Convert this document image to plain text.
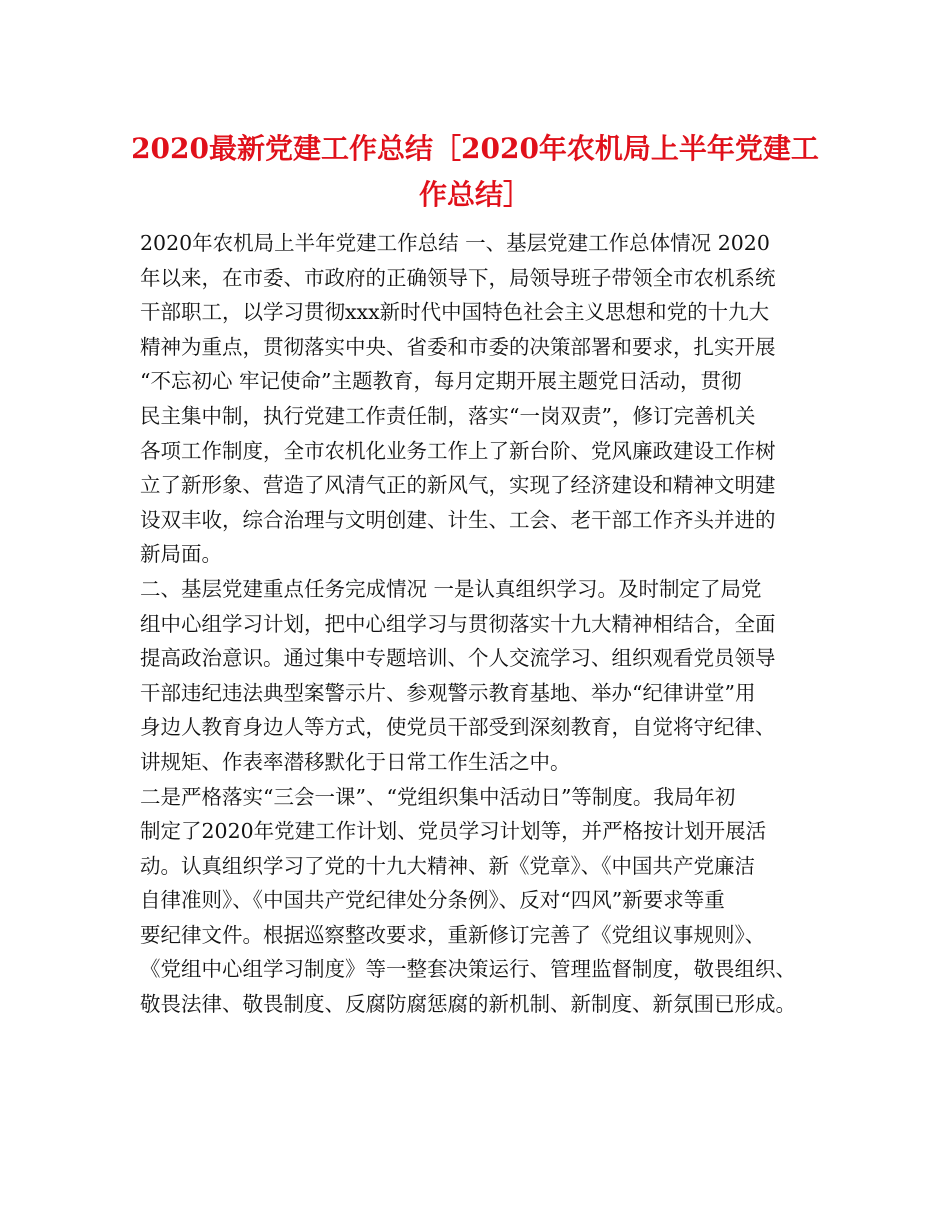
2020最新党建工作总结［2020年农机局上半年党建工
作总结］
2020年农机局上半年党建工作总结 一、基层党建工作总体情况 2020
年以来，在市委、市政府的正确领导下，局领导班子带领全市农机系统
干部职工，以学习贯彻xxx新时代中国特色社会主义思想和党的十九大
精神为重点，贯彻落实中央、省委和市委的决策部署和要求，扎实开展
“不忘初心 牢记使命”主题教育，每月定期开展主题党日活动，贯彻
民主集中制，执行党建工作责任制，落实“一岗双责”，修订完善机关
各项工作制度，全市农机化业务工作上了新台阶、党风廉政建设工作树
立了新形象、营造了风清气正的新风气，实现了经济建设和精神文明建
设双丰收，综合治理与文明创建、计生、工会、老干部工作齐头并进的
新局面。
二、基层党建重点任务完成情况 一是认真组织学习。及时制定了局党
组中心组学习计划，把中心组学习与贯彻落实十九大精神相结合，全面
提高政治意识。通过集中专题培训、个人交流学习、组织观看党员领导
干部违纪违法典型案警示片、参观警示教育基地、举办“纪律讲堂”用
身边人教育身边人等方式，使党员干部受到深刻教育，自觉将守纪律、
讲规矩、作表率潜移默化于日常工作生活之中。
二是严格落实“三会一课”、“党组织集中活动日”等制度。我局年初
制定了2020年党建工作计划、党员学习计划等，并严格按计划开展活
动。认真组织学习了党的十九大精神、新《党章》、《中国共产党廉洁
自律准则》、《中国共产党纪律处分条例》、反对“四风”新要求等重
要纪律文件。根据巡察整改要求，重新修订完善了《党组议事规则》、
《党组中心组学习制度》等一整套决策运行、管理监督制度，敬畏组织、
敬畏法律、敬畏制度、反腐防腐惩腐的新机制、新制度、新氛围已形成。
